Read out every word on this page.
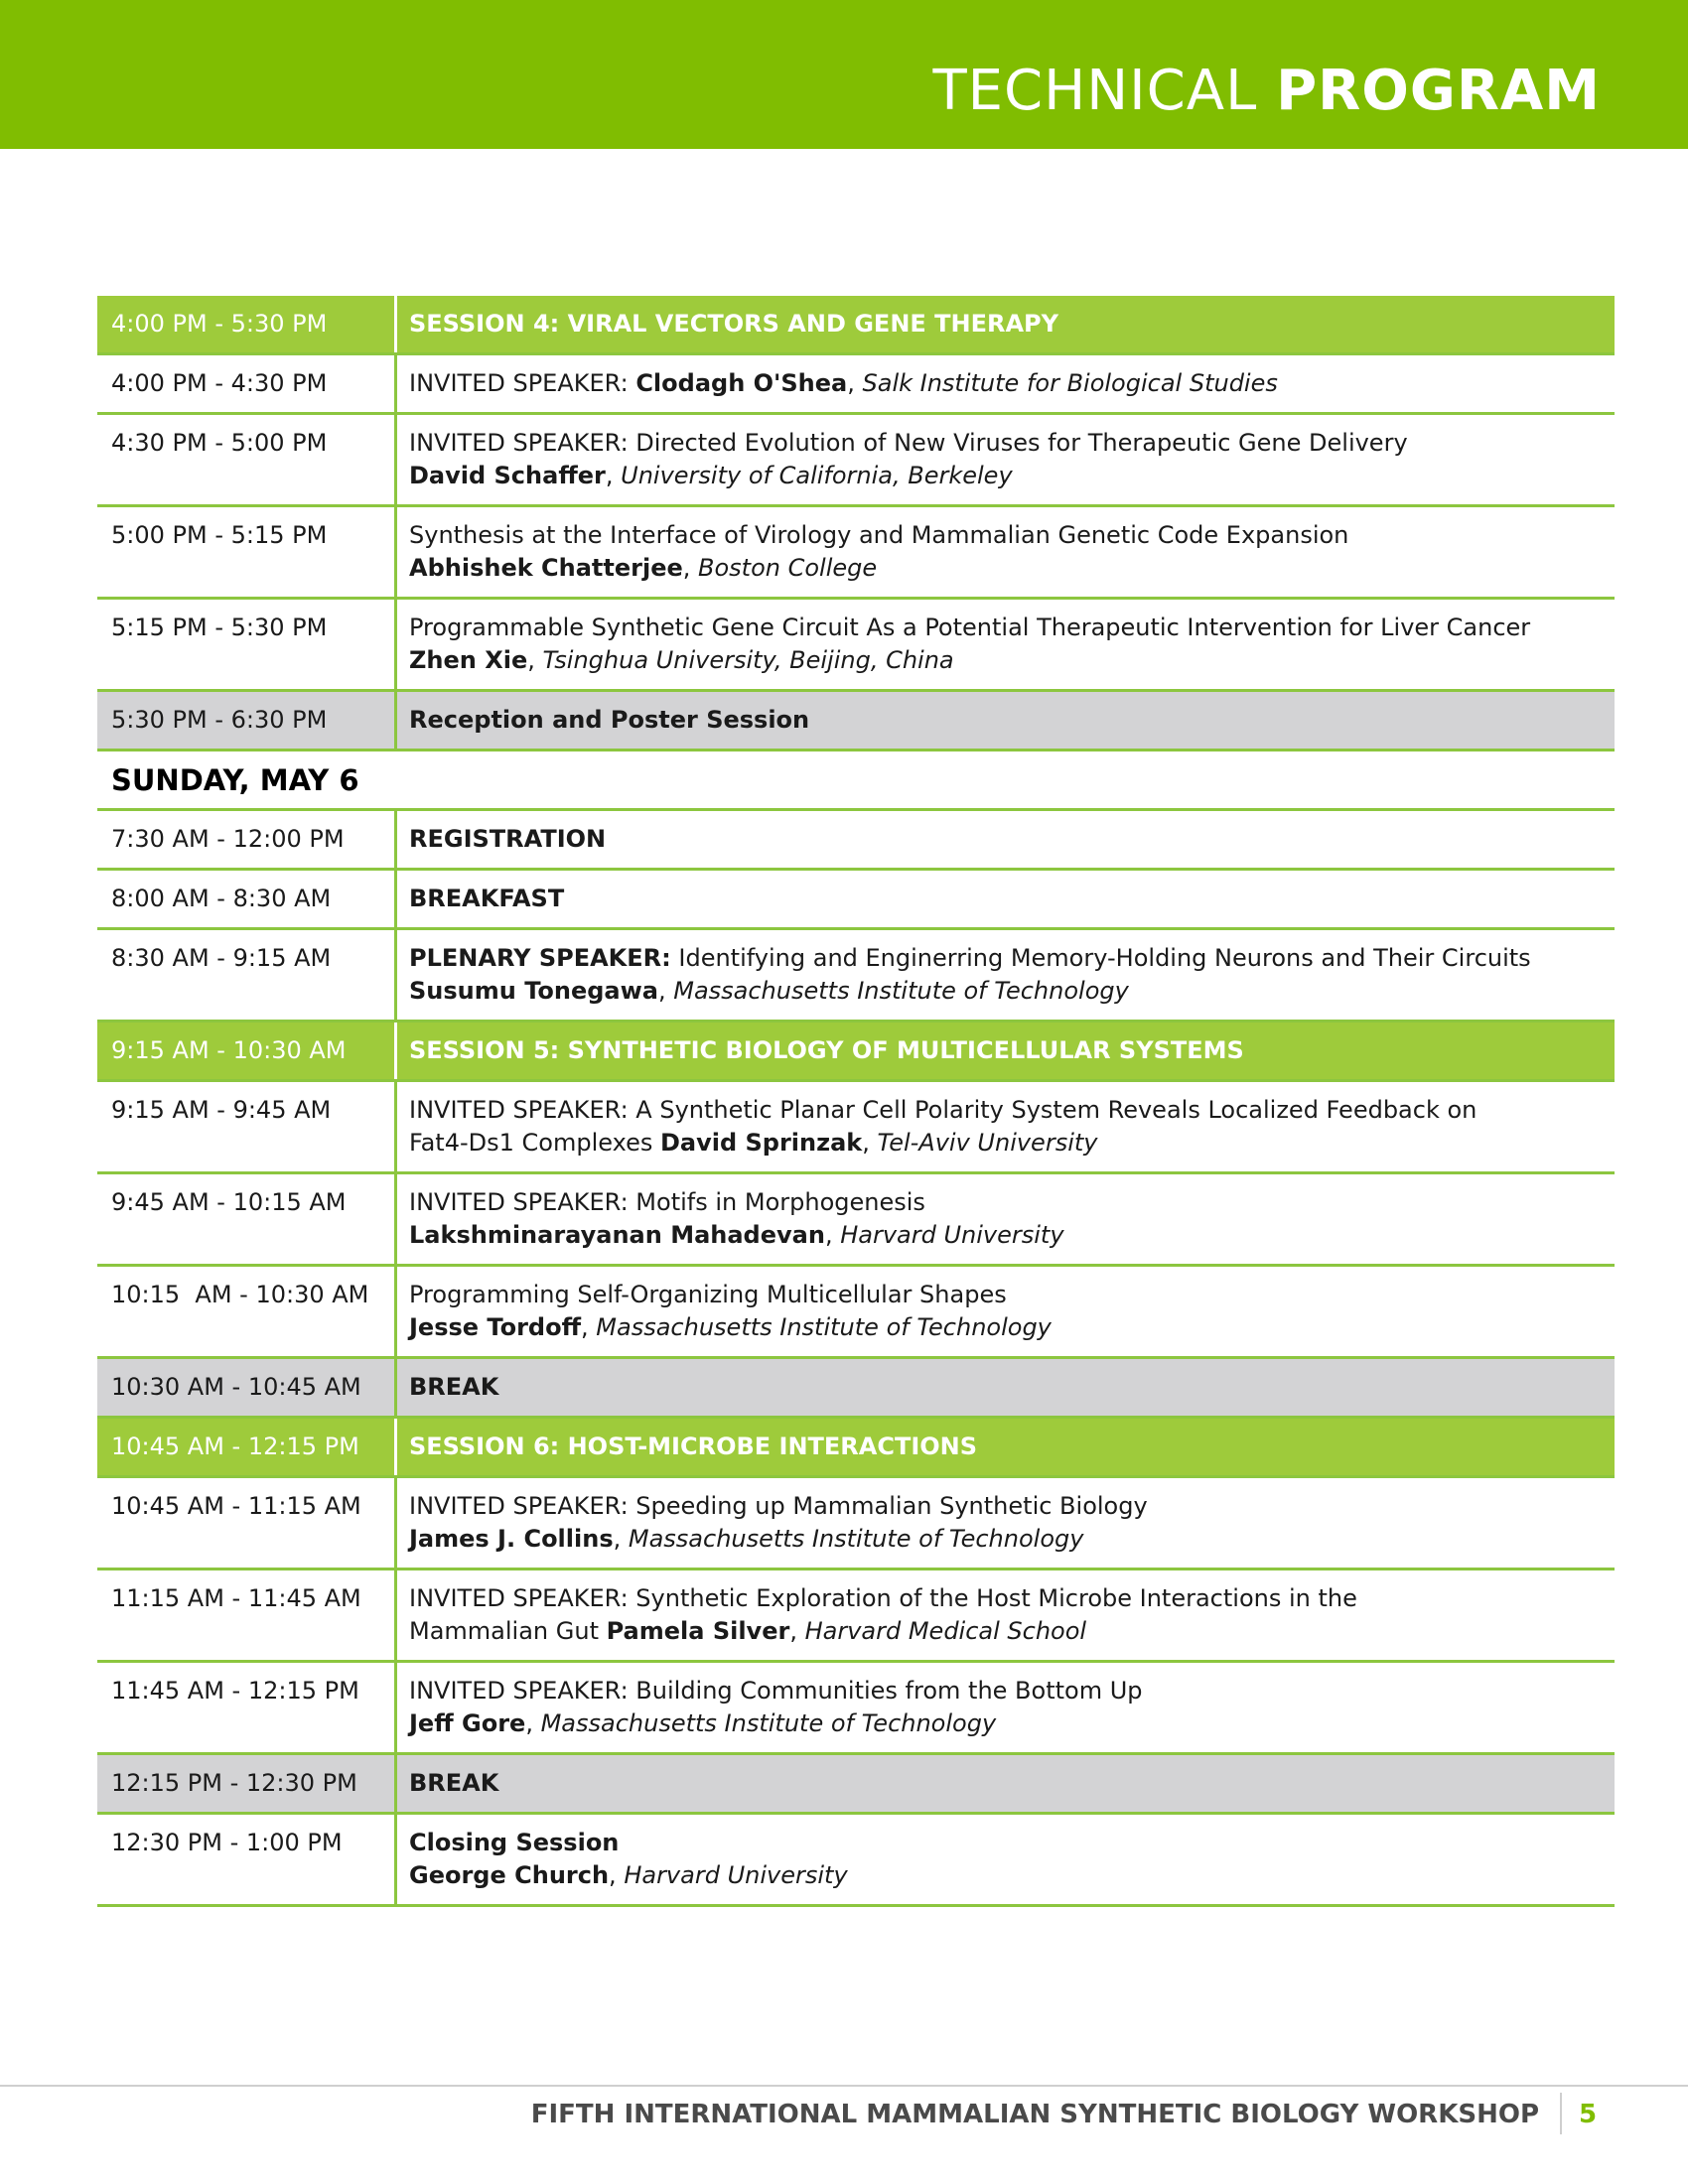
TECHNICAL PROGRAM
4:00 PM - 5:30 PM	SESSION 4: VIRAL VECTORS AND GENE THERAPY
4:00 PM - 4:30 PM	INVITED SPEAKER: Clodagh O'Shea, Salk Institute for Biological Studies
4:30 PM - 5:00 PM	INVITED SPEAKER: Directed Evolution of New Viruses for Therapeutic Gene Delivery
David Schaffer, University of California, Berkeley
5:00 PM - 5:15 PM	Synthesis at the Interface of Virology and Mammalian Genetic Code Expansion
Abhishek Chatterjee, Boston College
5:15 PM - 5:30 PM	Programmable Synthetic Gene Circuit As a Potential Therapeutic Intervention for Liver Cancer
Zhen Xie, Tsinghua University, Beijing, China
5:30 PM - 6:30 PM	Reception and Poster Session
SUNDAY, MAY 6
7:30 AM - 12:00 PM	REGISTRATION
8:00 AM - 8:30 AM	BREAKFAST
8:30 AM - 9:15 AM	PLENARY SPEAKER: Identifying and Enginerring Memory-Holding Neurons and Their Circuits
Susumu Tonegawa, Massachusetts Institute of Technology
9:15 AM - 10:30 AM	SESSION 5: SYNTHETIC BIOLOGY OF MULTICELLULAR SYSTEMS
9:15 AM - 9:45 AM	INVITED SPEAKER: A Synthetic Planar Cell Polarity System Reveals Localized Feedback on
Fat4-Ds1 Complexes David Sprinzak, Tel-Aviv University
9:45 AM - 10:15 AM	INVITED SPEAKER: Motifs in Morphogenesis
Lakshminarayanan Mahadevan, Harvard University
10:15  AM - 10:30 AM	Programming Self-Organizing Multicellular Shapes
Jesse Tordoff, Massachusetts Institute of Technology
10:30 AM - 10:45 AM	BREAK
10:45 AM - 12:15 PM	SESSION 6: HOST-MICROBE INTERACTIONS
10:45 AM - 11:15 AM	INVITED SPEAKER: Speeding up Mammalian Synthetic Biology
James J. Collins, Massachusetts Institute of Technology
11:15 AM - 11:45 AM	INVITED SPEAKER: Synthetic Exploration of the Host Microbe Interactions in the
Mammalian Gut Pamela Silver, Harvard Medical School
11:45 AM - 12:15 PM	INVITED SPEAKER: Building Communities from the Bottom Up
Jeff Gore, Massachusetts Institute of Technology
12:15 PM - 12:30 PM	BREAK
12:30 PM - 1:00 PM	Closing Session
George Church, Harvard University
FIFTH INTERNATIONAL MAMMALIAN SYNTHETIC BIOLOGY WORKSHOP 5
